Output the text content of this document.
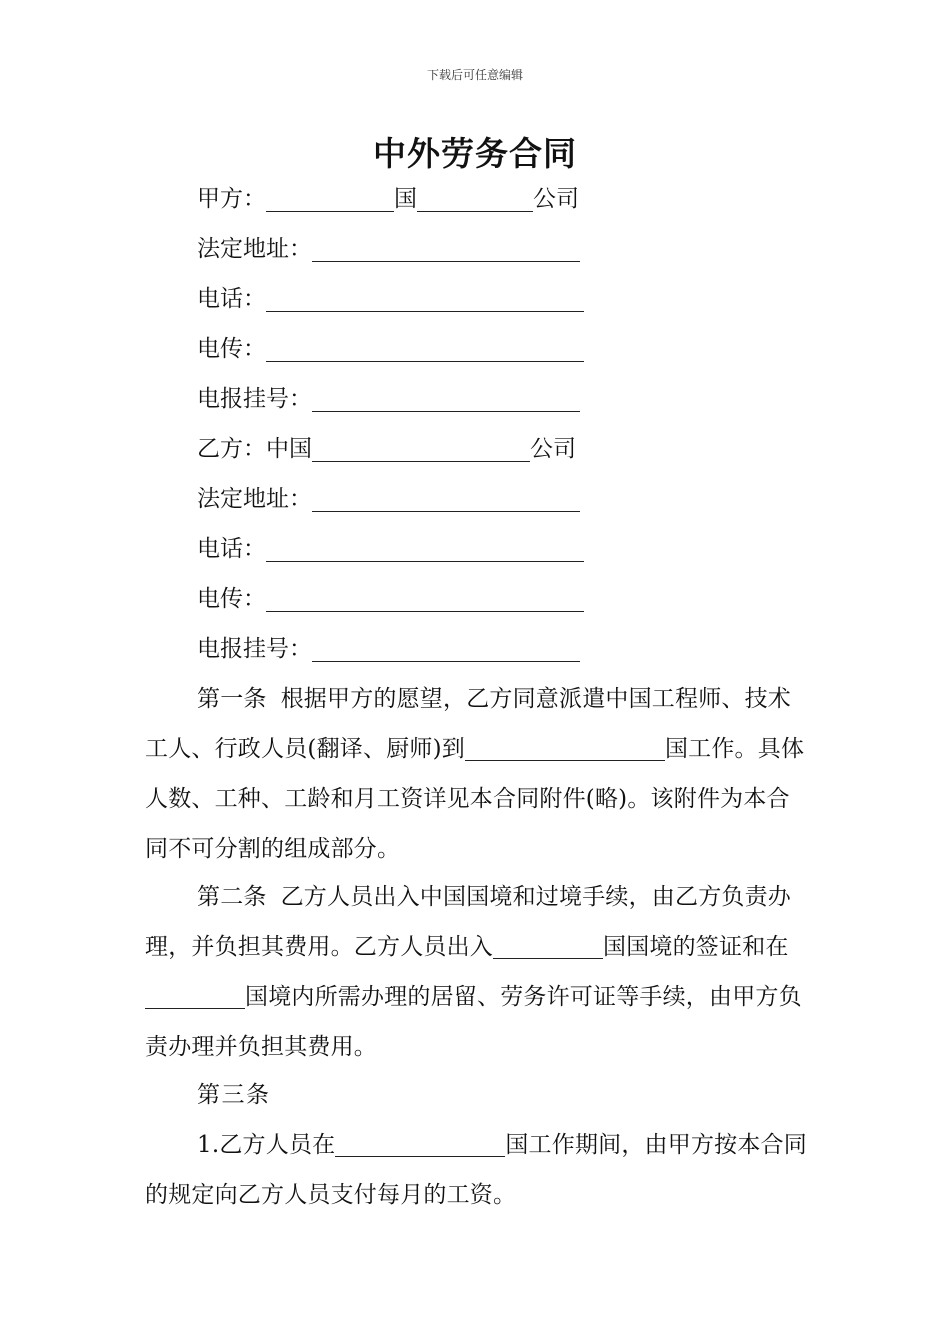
下载后可任意编辑
中外劳务合同
甲方：	国	公司
法定地址：
电话：
电传：
电报挂号：
乙方：中国	公司
法定地址：
电话：
电传：
电报挂号：
第一条 根据甲方的愿望，乙方同意派遣中国工程师、技术工人、行政人员(翻译、厨师)到	国工作。具体人数、工种、工龄和月工资详见本合同附件(略)。该附件为本合同不可分割的组成部分。
第二条 乙方人员出入中国国境和过境手续，由乙方负责办理，并负担其费用。乙方人员出入	国国境的签证和在国境内所需办理的居留、劳务许可证等手续，由甲方负责办理并负担其费用。
第三条
1.乙方人员在	国工作期间，由甲方按本合同的规定向乙方人员支付每月的工资。
